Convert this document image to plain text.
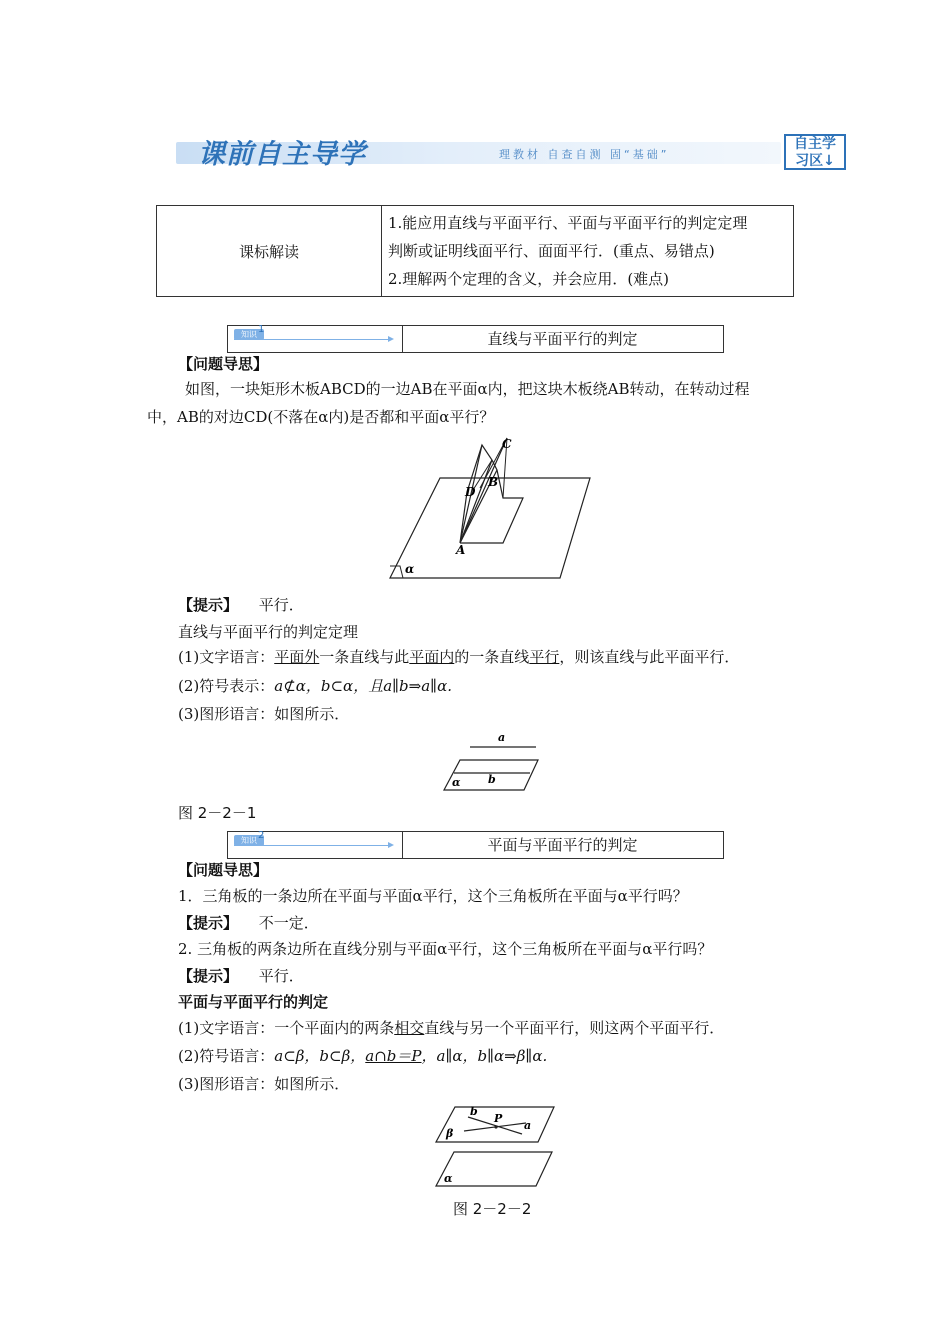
课前自主导学	理教材 自查自测 固“基础”
自主学
习区↓
课标解读	
1.能应用直线与平面平行、平面与平面平行的判定定理
判断或证明线面平行、面面平行．(重点、易错点)
2.理解两个定理的含义，并会应用．(难点)
知识 1
直线与平面平行的判定
【问题导思】
如图，一块矩形木板ABCD的一边AB在平面α内，把这块木板绕AB转动，在转动过程
中，AB的对边CD(不落在α内)是否都和平面α平行？
C
D
B
A
α
【提示】 平行．
直线与平面平行的判定定理
(1)文字语言：平面外一条直线与此平面内的一条直线平行，则该直线与此平面平行．
(2)符号表示：a⊄α，b⊂α，且a∥b⇒a∥α.
(3)图形语言：如图所示．
a
b
α
图 2－2－1
知识 2
平面与平面平行的判定
【问题导思】
1．三角板的一条边所在平面与平面α平行，这个三角板所在平面与α平行吗？
【提示】 不一定．
2. 三角板的两条边所在直线分别与平面α平行，这个三角板所在平面与α平行吗？
【提示】 平行．
平面与平面平行的判定
(1)文字语言：一个平面内的两条相交直线与另一个平面平行，则这两个平面平行．
(2)符号语言：a⊂β，b⊂β，a∩b＝P，a∥α，b∥α⇒β∥α.
(3)图形语言：如图所示．
b
P
a
β
α
图 2－2－2
